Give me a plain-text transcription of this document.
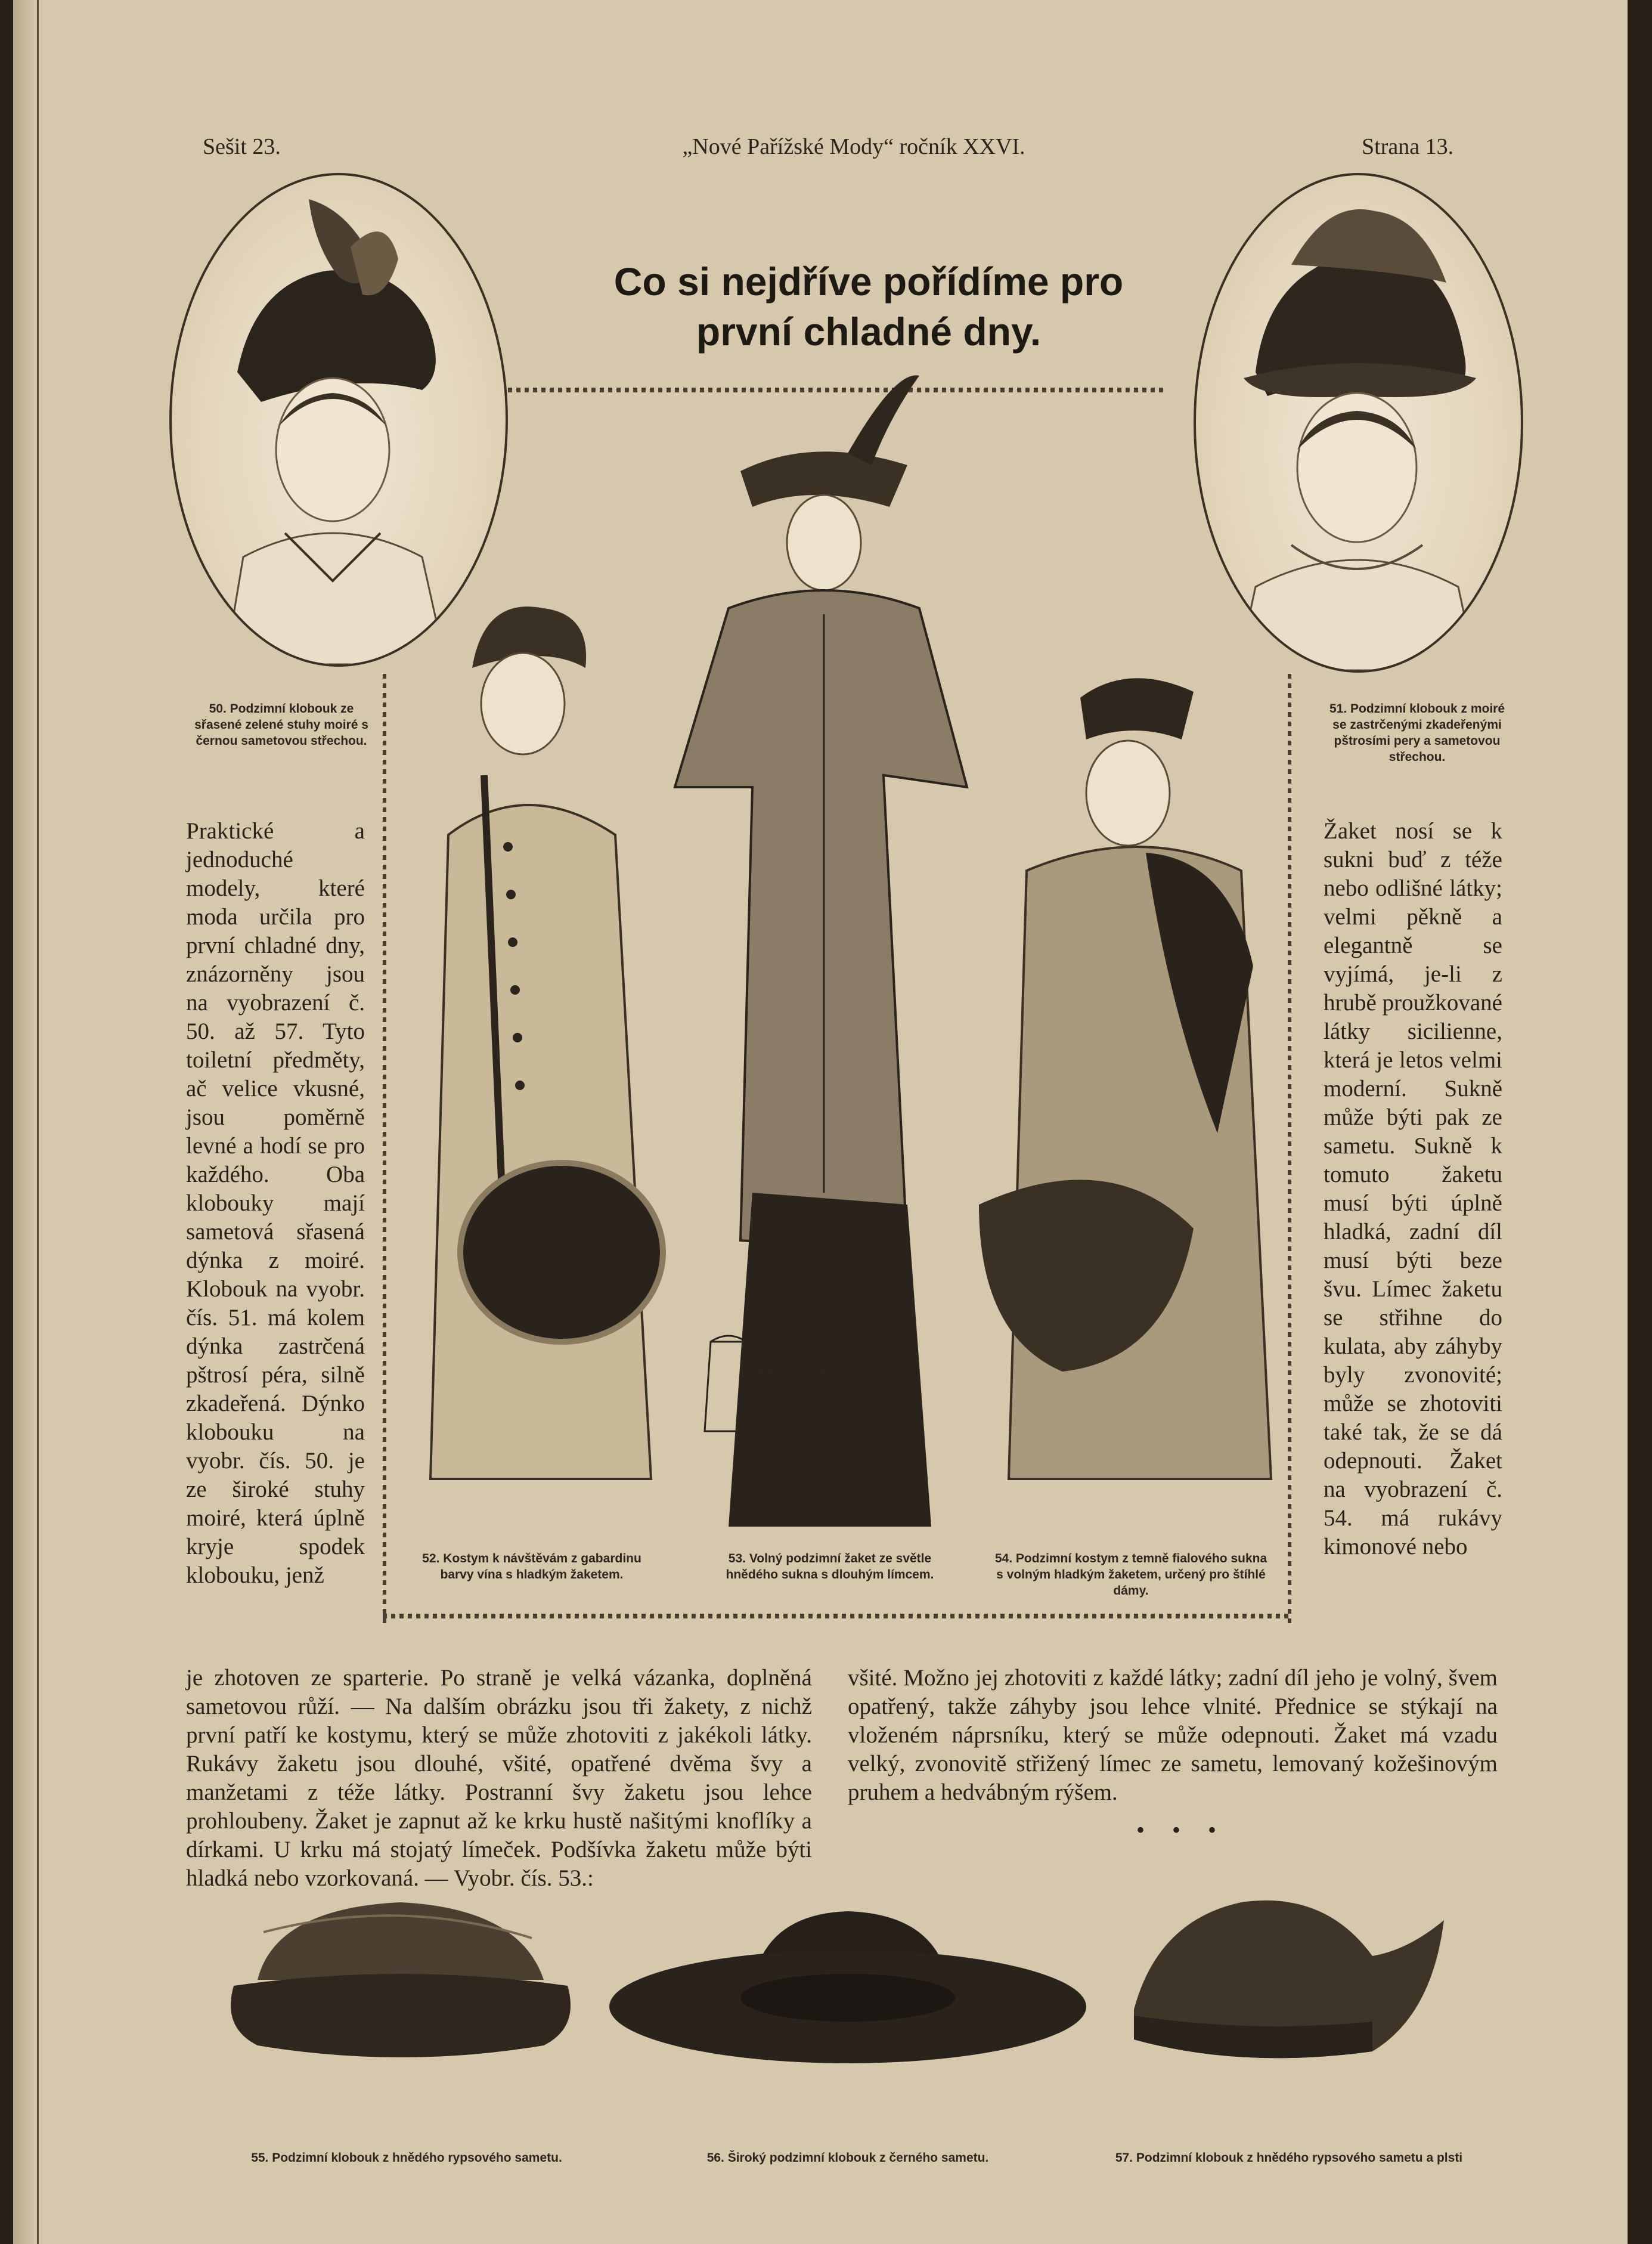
Sešit 23.	„Nové Pařížské Mody“ ročník XXVI.	Strana 13.
Co si nejdříve pořídíme pro
první chladné dny.
50. Podzimní klobouk ze sřasené zelené stuhy moiré s černou sametovou střechou.
51. Podzimní klobouk z moiré se zastrčenými zkadeřenými pštrosími pery a sametovou střechou.
52. Kostym k návštěvám z gabardinu barvy vína s hladkým žaketem.
53. Volný podzimní žaket ze světle hnědého sukna s dlouhým límcem.
54. Podzimní kostym z temně fialového sukna s volným hladkým žaketem, určený pro štíhlé dámy.
Praktické a jednoduché modely, které moda určila pro první chladné dny, znázorněny jsou na vyobrazení č. 50. až 57. Tyto toiletní předměty, ač velice vkusné, jsou poměrně levné a hodí se pro každého. Oba klobouky mají sametová sřasená dýnka z moiré. Klobouk na vyobr. čís. 51. má kolem dýnka zastrčená pštrosí péra, silně zkadeřená. Dýnko klobouku na vyobr. čís. 50. je ze široké stuhy moiré, která úplně kryje spodek klobouku, jenž
Žaket nosí se k sukni buď z téže nebo odlišné látky; velmi pěkně a elegantně se vyjímá, je-li z hrubě proužkované látky sicilienne, která je letos velmi moderní. Sukně může býti pak ze sametu. Sukně k tomuto žaketu musí býti úplně hladká, zadní díl musí býti beze švu. Límec žaketu se střihne do kulata, aby záhyby byly zvonovité; může se zhotoviti také tak, že se dá odepnouti. Žaket na vyobrazení č. 54. má rukávy kimonové nebo
je zhotoven ze sparterie. Po straně je velká vázanka, doplněná sametovou růží. — Na dalším obrázku jsou tři žakety, z nichž první patří ke kostymu, který se může zhotoviti z jakékoli látky. Rukávy žaketu jsou dlouhé, všité, opatřené dvěma švy a manžetami z téže látky. Postranní švy žaketu jsou lehce prohloubeny. Žaket je zapnut až ke krku hustě našitými knoflíky a dírkami. U krku má stojatý límeček. Podšívka žaketu může býti hladká nebo vzorkovaná. — Vyobr. čís. 53.:
všité. Možno jej zhotoviti z každé látky; zadní díl jeho je volný, švem opatřený, takže záhyby jsou lehce vlnité. Přednice se stýkají na vloženém náprsníku, který se může odepnouti. Žaket má vzadu velký, zvonovitě střižený límec ze sametu, lemovaný kožešinovým pruhem a hedvábným rýšem.
• • •
55. Podzimní klobouk z hnědého rypsového sametu.	56. Široký podzimní klobouk z černého sametu.	57. Podzimní klobouk z hnědého rypsového sametu a plsti
